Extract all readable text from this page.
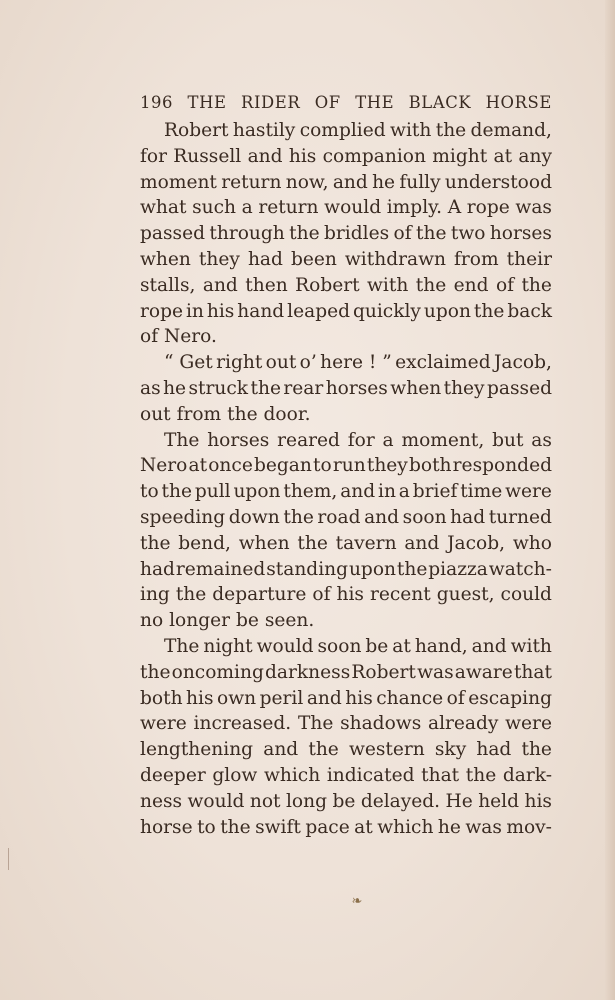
196 THE RIDER OF THE BLACK HORSE
Robert hastily complied with the demand,
for Russell and his companion might at any
moment return now, and he fully understood
what such a return would imply. A rope was
passed through the bridles of the two horses
when they had been withdrawn from their
stalls, and then Robert with the end of the
rope in his hand leaped quickly upon the back
of Nero.
“ Get right out o’ here ! ” exclaimed Jacob,
as he struck the rear horses when they passed
out from the door.
The horses reared for a moment, but as
Nero at once began to run they both responded
to the pull upon them, and in a brief time were
speeding down the road and soon had turned
the bend, when the tavern and Jacob, who
had remained standing upon the piazza watch-
ing the departure of his recent guest, could
no longer be seen.
The night would soon be at hand, and with
the oncoming darkness Robert was aware that
both his own peril and his chance of escaping
were increased. The shadows already were
lengthening and the western sky had the
deeper glow which indicated that the dark-
ness would not long be delayed. He held his
horse to the swift pace at which he was mov-
❧
